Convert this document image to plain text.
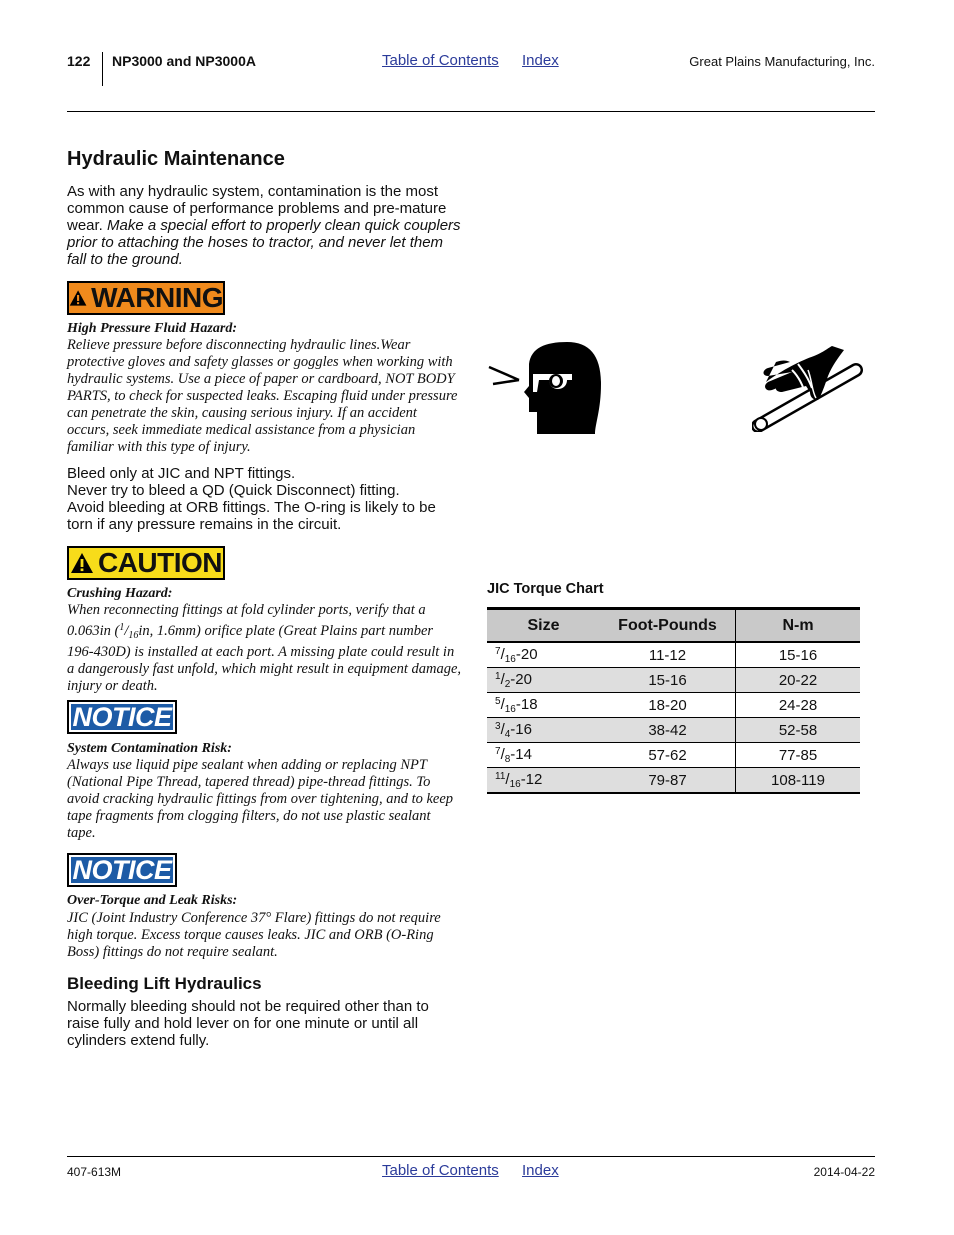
122 NP3000 and NP3000A	Table of Contents Index	Great Plains Manufacturing, Inc.
Hydraulic Maintenance
As with any hydraulic system, contamination is the most common cause of performance problems and pre-mature wear. Make a special effort to properly clean quick couplers prior to attaching the hoses to tractor, and never let them fall to the ground.
WARNING
High Pressure Fluid Hazard:
Relieve pressure before disconnecting hydraulic lines.Wear protective gloves and safety glasses or goggles when working with hydraulic systems. Use a piece of paper or cardboard, NOT BODY PARTS, to check for suspected leaks. Escaping fluid under pressure can penetrate the skin, causing serious injury. If an accident occurs, seek immediate medical assistance from a physician familiar with this type of injury.

Bleed only at JIC and NPT fittings.

Never try to bleed a QD (Quick Disconnect) fitting.

Avoid bleeding at ORB fittings. The O-ring is likely to be torn if any pressure remains in the circuit.

CAUTION
Crushing Hazard:
When reconnecting fittings at fold cylinder ports, verify that a 0.063in ($^1/_{16}in$, 1.6mm) orifice plate (Great Plains part number 196-430D) is installed at each port. A missing plate could result in a dangerously fast unfold, which might result in equipment damage, injury or death.
NOTICE
System Contamination Risk:
Always use liquid pipe sealant when adding or replacing NPT (National Pipe Thread, tapered thread) pipe-thread fittings. To avoid cracking hydraulic fittings from over tightening, and to keep tape fragments from clogging filters, do not use plastic sealant tape.
NOTICE
Over-Torque and Leak Risks:
JIC (Joint Industry Conference 37° Flare) fittings do not require high torque. Excess torque causes leaks. JIC and ORB (O-Ring Boss) fittings do not require sealant.
Bleeding Lift Hydraulics
Normally bleeding should not be required other than to raise fully and hold lever on for one minute or until all cylinders extend fully.
JIC Torque Chart
Size	Foot-Pounds	N-m
$^7/_{16}-20$	11-12	15-16
$^1/_2-20$	15-16	20-22
$^5/_{16}-18$	18-20	24-28
$^3/_4-16$	38-42	52-58
$^7/_8-14$	57-62	77-85
$^{11}/_{16}-12$	79-87	108-119
407-613M	Table of Contents Index	2014-04-22
